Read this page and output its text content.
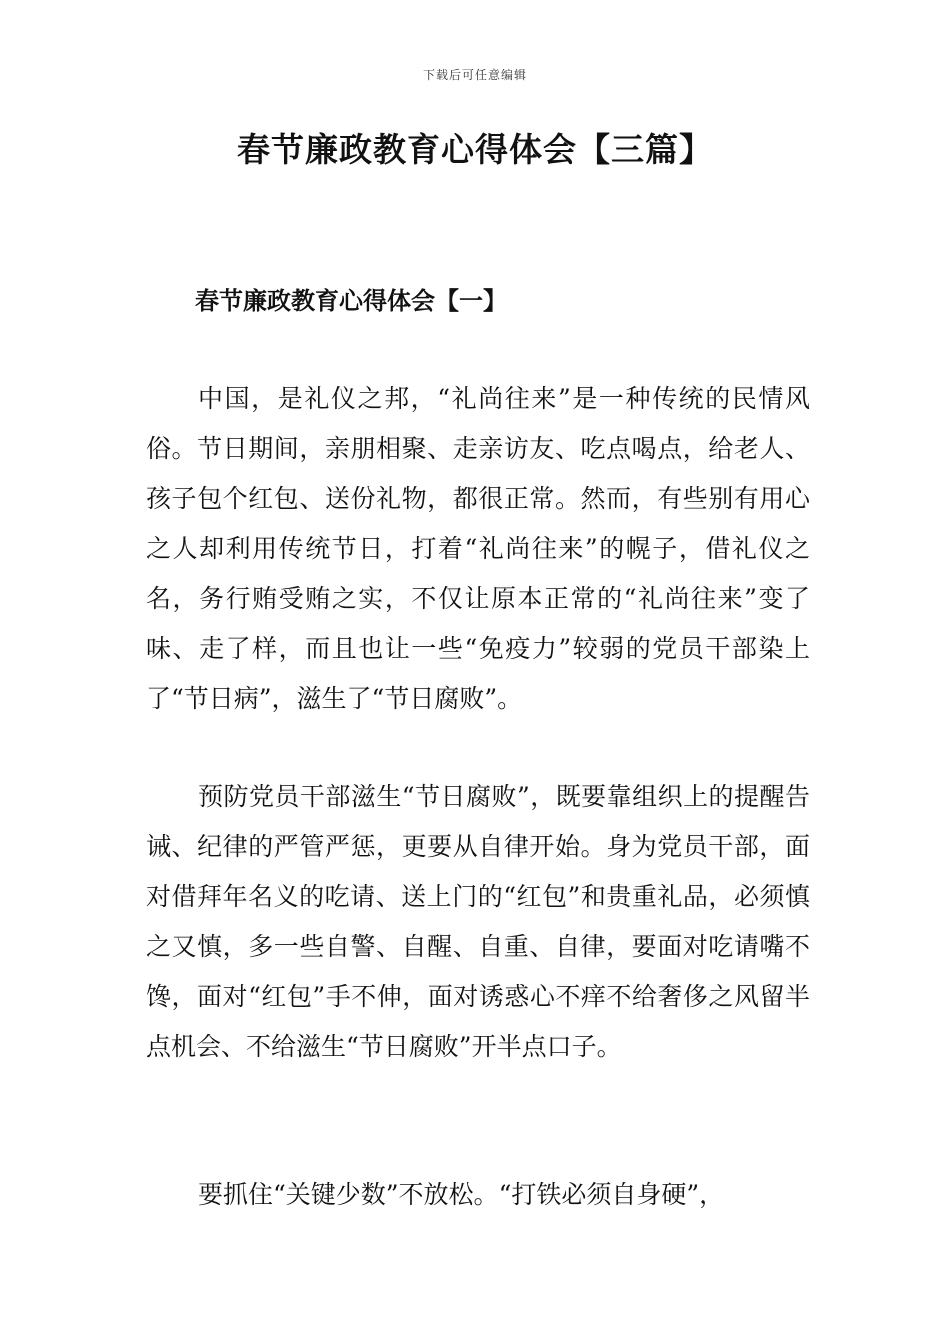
下载后可任意编辑
春节廉政教育心得体会【三篇】
春节廉政教育心得体会【一】

中国，是礼仪之邦，“礼尚往来”是一种传统的民情风俗。节日期间，亲朋相聚、走亲访友、吃点喝点，给老人、孩子包个红包、送份礼物，都很正常。然而，有些别有用心之人却利用传统节日，打着“礼尚往来”的幌子，借礼仪之名，务行贿受贿之实，不仅让原本正常的“礼尚往来”变了味、走了样，而且也让一些“免疫力”较弱的党员干部染上了“节日病”，滋生了“节日腐败”。

预防党员干部滋生“节日腐败”，既要靠组织上的提醒告诫、纪律的严管严惩，更要从自律开始。身为党员干部，面对借拜年名义的吃请、送上门的“红包”和贵重礼品，必须慎之又慎，多一些自警、自醒、自重、自律，要面对吃请嘴不馋，面对“红包”手不伸，面对诱惑心不痒不给奢侈之风留半点机会、不给滋生“节日腐败”开半点口子。

要抓住“关键少数”不放松。“打铁必须自身硬”，
